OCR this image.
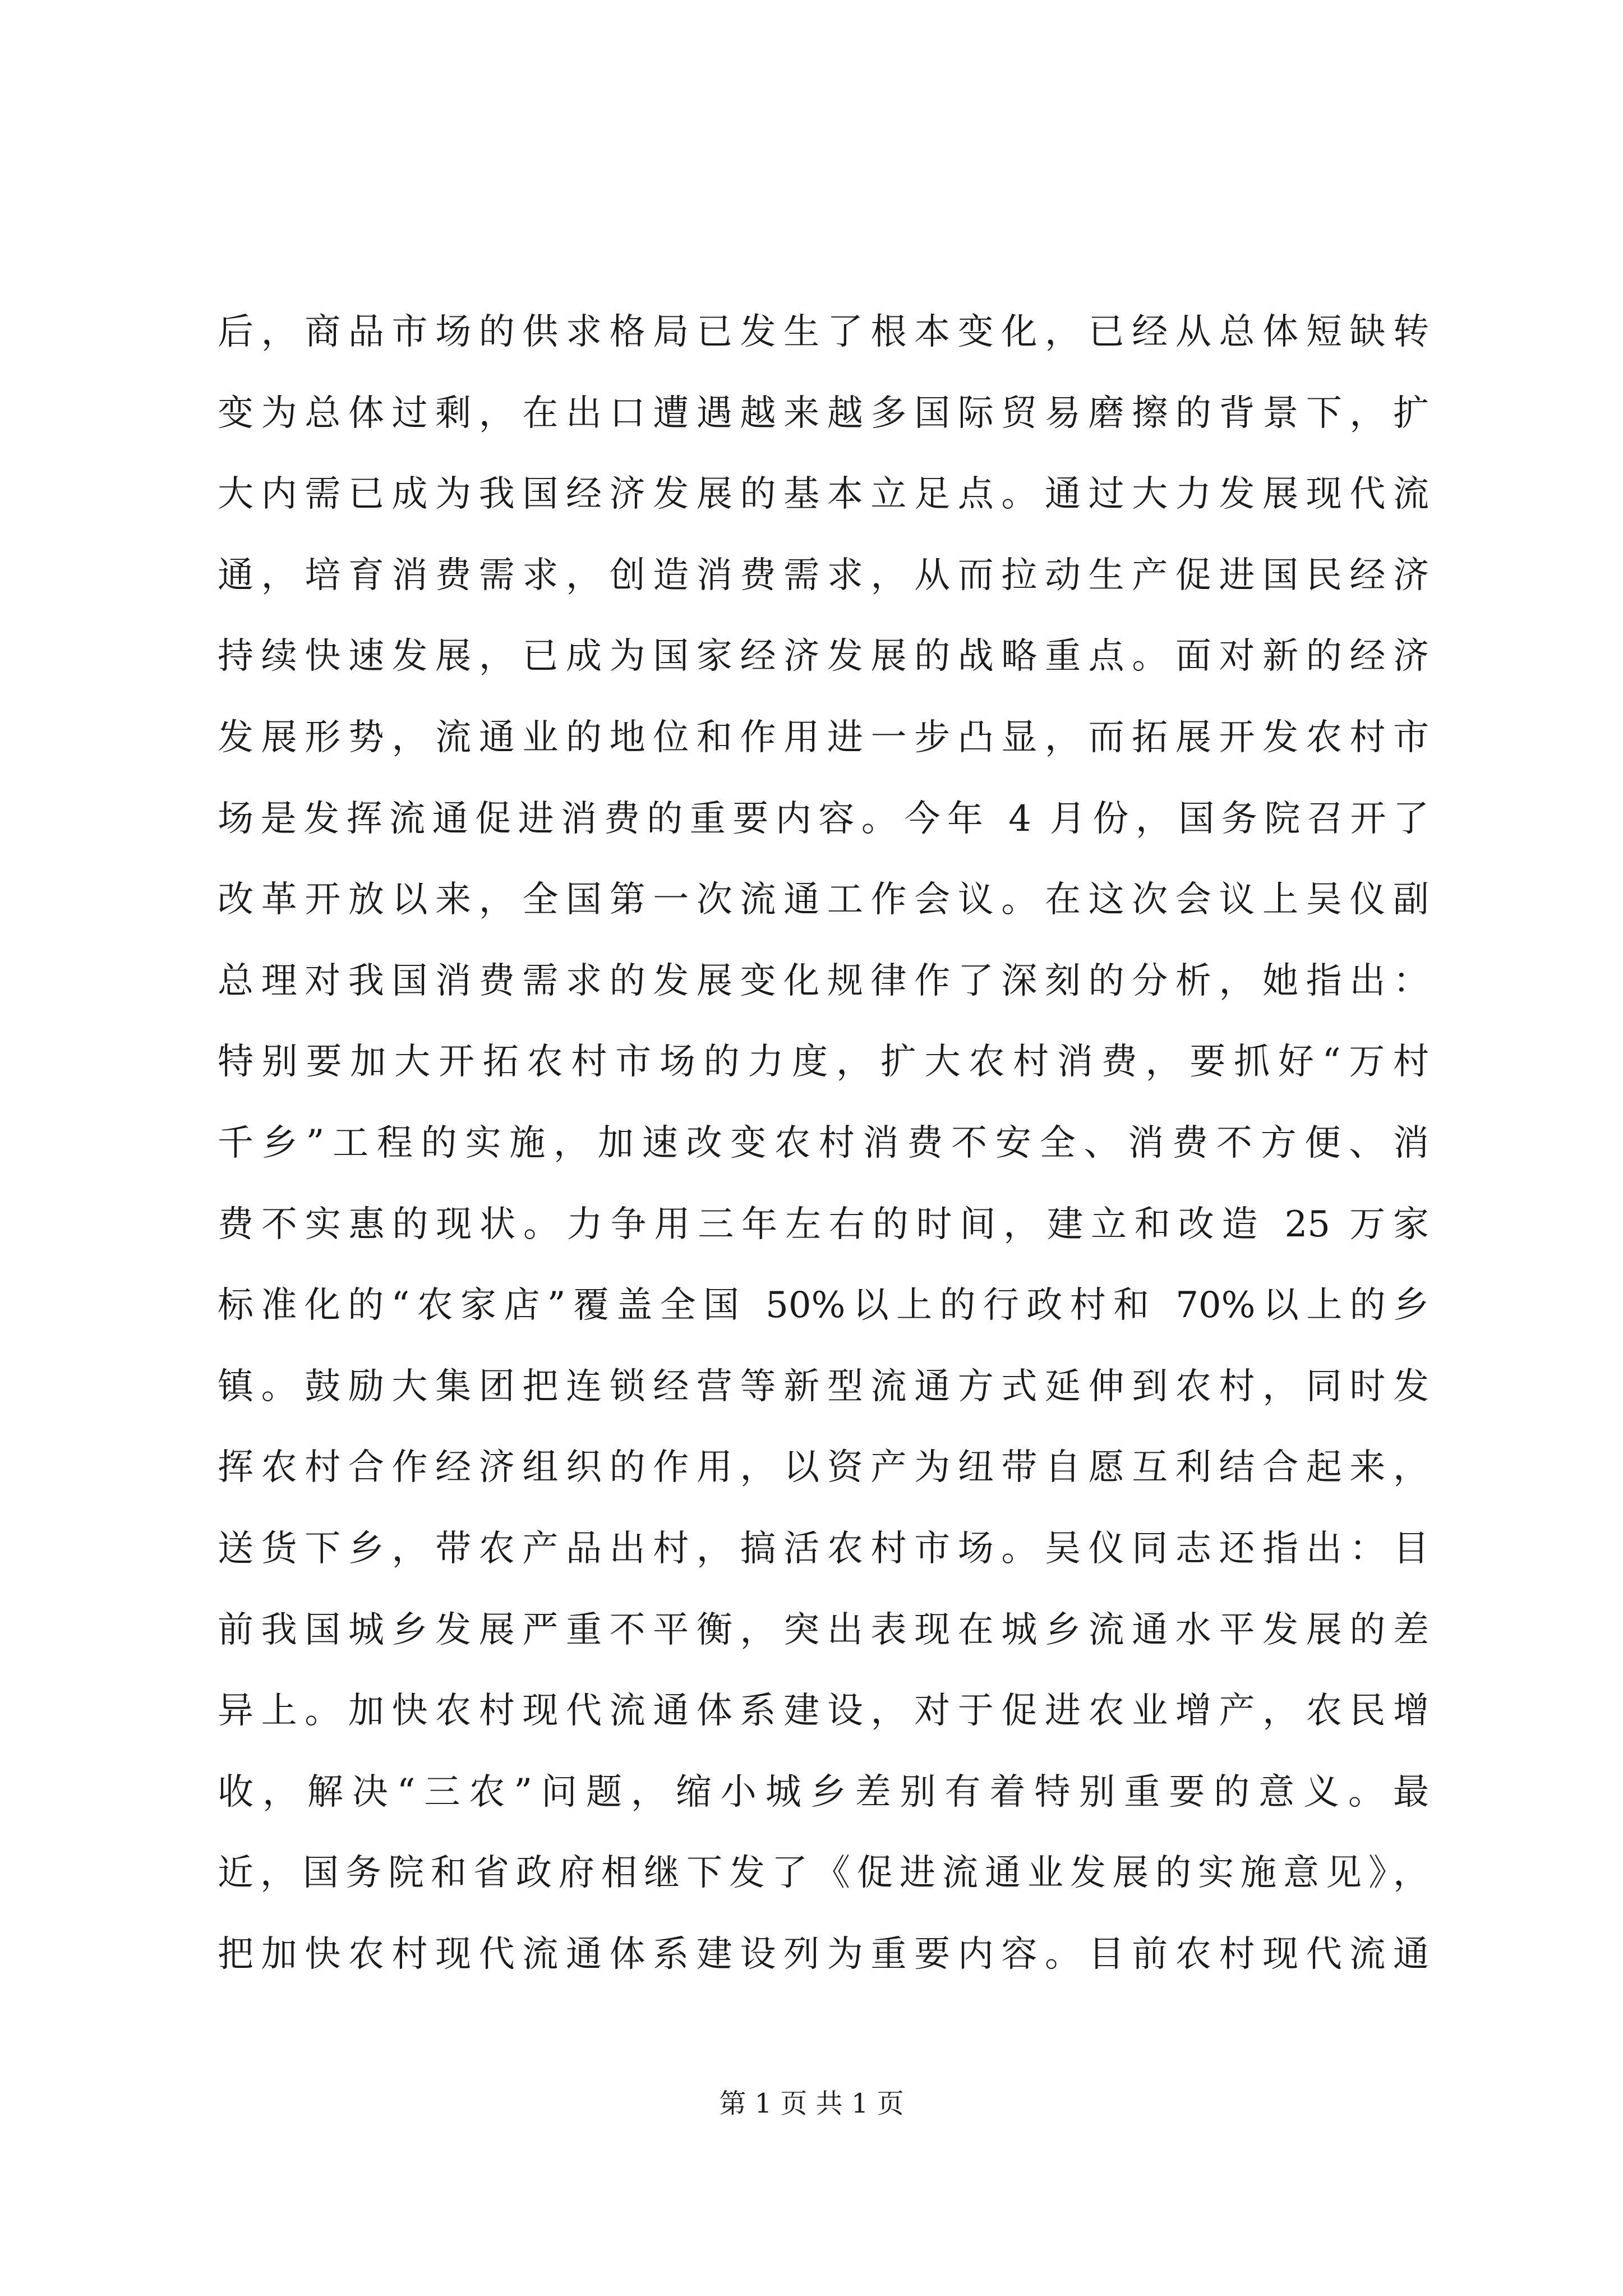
后，商品市场的供求格局已发生了根本变化，已经从总体短缺转
变为总体过剩，在出口遭遇越来越多国际贸易磨擦的背景下，扩
大内需已成为我国经济发展的基本立足点。通过大力发展现代流
通，培育消费需求，创造消费需求，从而拉动生产促进国民经济
持续快速发展，已成为国家经济发展的战略重点。面对新的经济
发展形势，流通业的地位和作用进一步凸显，而拓展开发农村市
场是发挥流通促进消费的重要内容。今年 4 月份，国务院召开了
改革开放以来，全国第一次流通工作会议。在这次会议上吴仪副
总理对我国消费需求的发展变化规律作了深刻的分析，她指出：
特别要加大开拓农村市场的力度，扩大农村消费，要抓好“万村
千乡”工程的实施，加速改变农村消费不安全、消费不方便、消
费不实惠的现状。力争用三年左右的时间，建立和改造 25 万家
标准化的“农家店”覆盖全国 50%以上的行政村和 70%以上的乡
镇。鼓励大集团把连锁经营等新型流通方式延伸到农村，同时发
挥农村合作经济组织的作用，以资产为纽带自愿互利结合起来，
送货下乡，带农产品出村，搞活农村市场。吴仪同志还指出：目
前我国城乡发展严重不平衡，突出表现在城乡流通水平发展的差
异上。加快农村现代流通体系建设，对于促进农业增产，农民增
收，解决“三农”问题，缩小城乡差别有着特别重要的意义。最
近，国务院和省政府相继下发了《促进流通业发展的实施意见》，
把加快农村现代流通体系建设列为重要内容。目前农村现代流通
第 1 页 共 1 页
